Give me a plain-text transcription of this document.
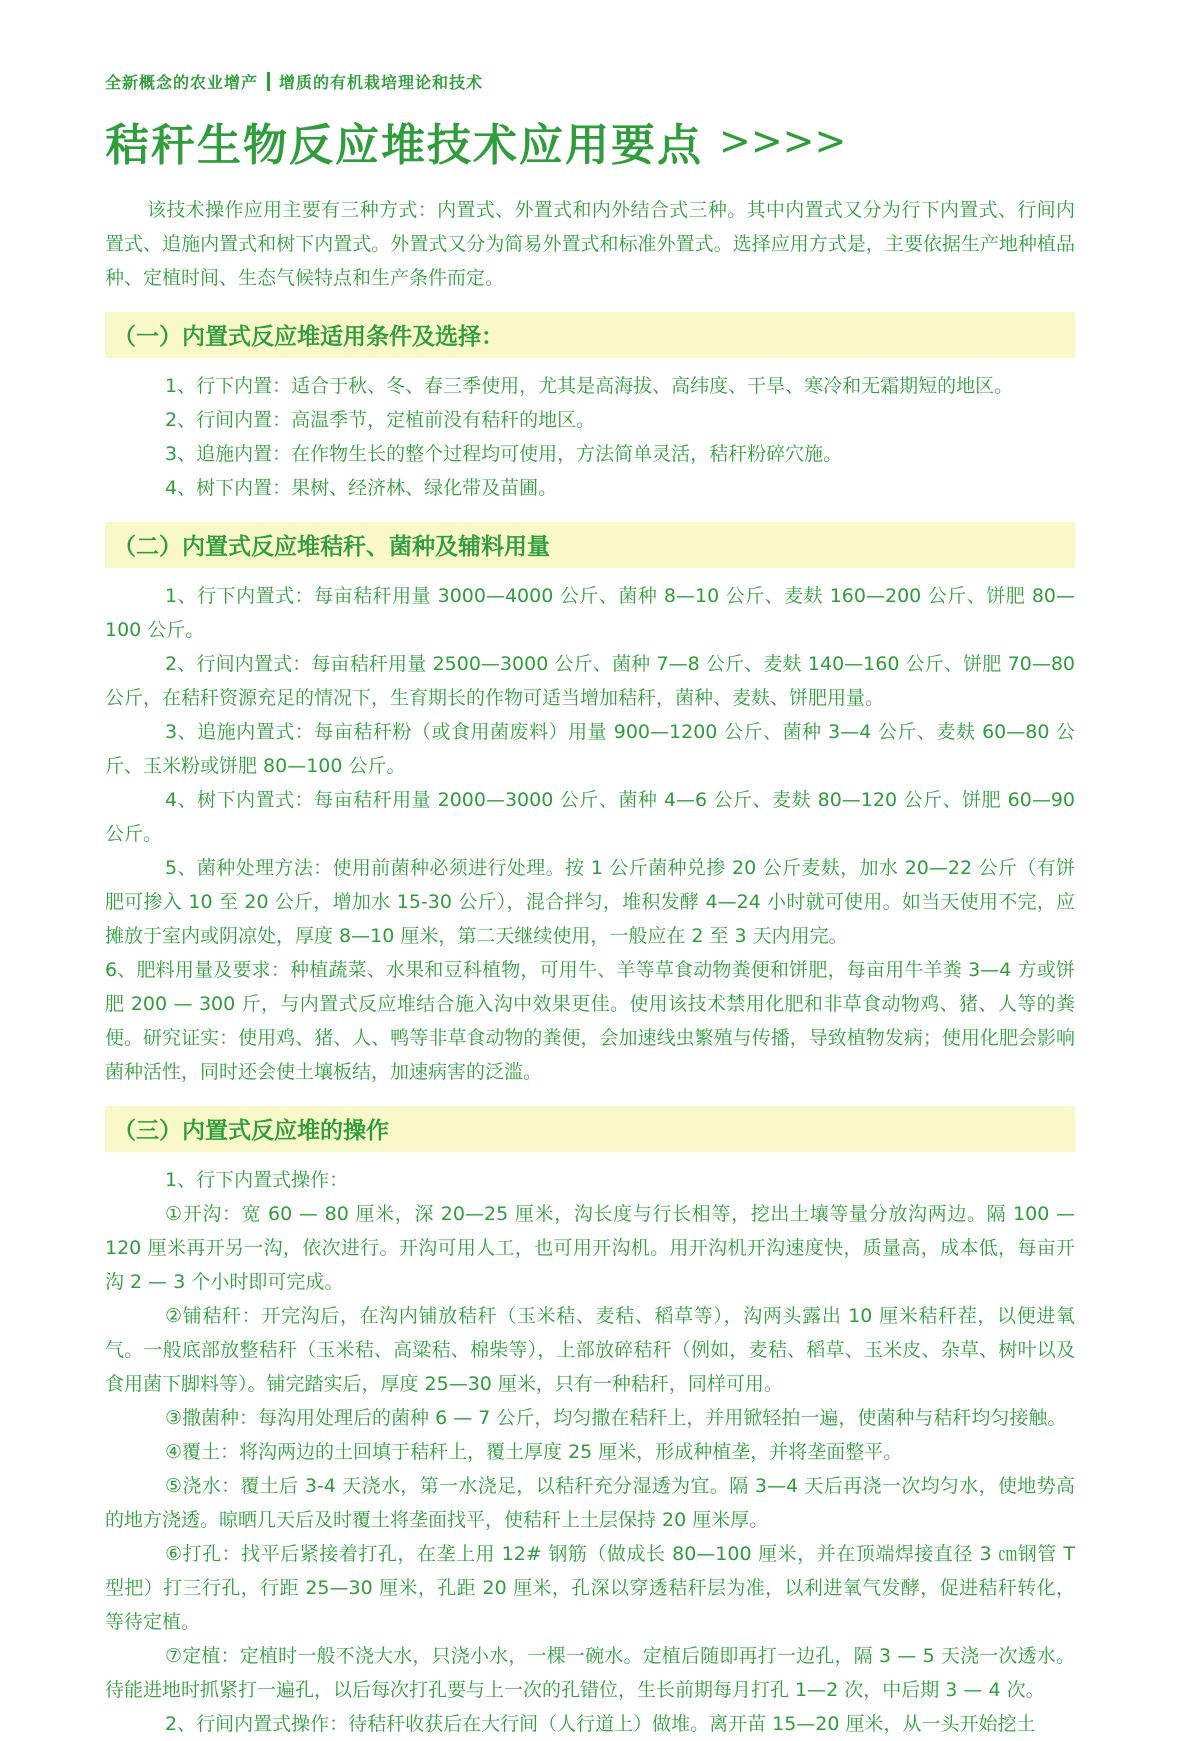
全新概念的农业增产 增质的有机栽培理论和技术
秸秆生物反应堆技术应用要点 >>>>

该技术操作应用主要有三种方式：内置式、外置式和内外结合式三种。其中内置式又分为行下内置式、行间内置式、追施内置式和树下内置式。外置式又分为简易外置式和标准外置式。选择应用方式是，主要依据生产地种植品种、定植时间、生态气候特点和生产条件而定。

（一）内置式反应堆适用条件及选择：

1、行下内置：适合于秋、冬、春三季使用，尤其是高海拔、高纬度、干旱、寒冷和无霜期短的地区。

2、行间内置：高温季节，定植前没有秸秆的地区。

3、追施内置：在作物生长的整个过程均可使用，方法简单灵活，秸秆粉碎穴施。

4、树下内置：果树、经济林、绿化带及苗圃。

（二）内置式反应堆秸秆、菌种及辅料用量

1、行下内置式：每亩秸秆用量 3000—4000 公斤、菌种 8—10 公斤、麦麸 160—200 公斤、饼肥 80—100 公斤。

2、行间内置式：每亩秸秆用量 2500—3000 公斤、菌种 7—8 公斤、麦麸 140—160 公斤、饼肥 70—80 公斤，在秸秆资源充足的情况下，生育期长的作物可适当增加秸秆，菌种、麦麸、饼肥用量。

3、追施内置式：每亩秸秆粉（或食用菌废料）用量 900—1200 公斤、菌种 3—4 公斤、麦麸 60—80 公斤、玉米粉或饼肥 80—100 公斤。

4、树下内置式：每亩秸秆用量 2000—3000 公斤、菌种 4—6 公斤、麦麸 80—120 公斤、饼肥 60—90 公斤。

5、菌种处理方法：使用前菌种必须进行处理。按 1 公斤菌种兑掺 20 公斤麦麸，加水 20—22 公斤（有饼肥可掺入 10 至 20 公斤，增加水 15-30 公斤），混合拌匀，堆积发酵 4—24 小时就可使用。如当天使用不完，应摊放于室内或阴凉处，厚度 8—10 厘米，第二天继续使用，一般应在 2 至 3 天内用完。

6、肥料用量及要求：种植蔬菜、水果和豆科植物，可用牛、羊等草食动物粪便和饼肥，每亩用牛羊粪 3—4 方或饼肥 200 — 300 斤，与内置式反应堆结合施入沟中效果更佳。使用该技术禁用化肥和非草食动物鸡、猪、人等的粪便。研究证实：使用鸡、猪、人、鸭等非草食动物的粪便，会加速线虫繁殖与传播，导致植物发病；使用化肥会影响菌种活性，同时还会使土壤板结，加速病害的泛滥。

（三）内置式反应堆的操作

1、行下内置式操作：

①开沟：宽 60 — 80 厘米，深 20—25 厘米，沟长度与行长相等，挖出土壤等量分放沟两边。隔 100 — 120 厘米再开另一沟，依次进行。开沟可用人工，也可用开沟机。用开沟机开沟速度快，质量高，成本低，每亩开沟 2 — 3 个小时即可完成。

②铺秸秆：开完沟后，在沟内铺放秸秆（玉米秸、麦秸、稻草等），沟两头露出 10 厘米秸秆茬，以便进氧气。一般底部放整秸秆（玉米秸、高粱秸、棉柴等），上部放碎秸秆（例如，麦秸、稻草、玉米皮、杂草、树叶以及食用菌下脚料等）。铺完踏实后，厚度 25—30 厘米，只有一种秸秆，同样可用。

③撒菌种：每沟用处理后的菌种 6 — 7 公斤，均匀撒在秸秆上，并用锨轻拍一遍，使菌种与秸秆均匀接触。

④覆土：将沟两边的土回填于秸秆上，覆土厚度 25 厘米，形成种植垄，并将垄面整平。

⑤浇水：覆土后 3-4 天浇水，第一水浇足，以秸秆充分湿透为宜。隔 3—4 天后再浇一次均匀水，使地势高的地方浇透。晾晒几天后及时覆土将垄面找平，使秸秆上土层保持 20 厘米厚。

⑥打孔：找平后紧接着打孔，在垄上用 12# 钢筋（做成长 80—100 厘米，并在顶端焊接直径 3 ㎝钢管 T 型把）打三行孔，行距 25—30 厘米，孔距 20 厘米，孔深以穿透秸秆层为准，以利进氧气发酵，促进秸秆转化，等待定植。

⑦定植：定植时一般不浇大水，只浇小水，一棵一碗水。定植后随即再打一边孔，隔 3 — 5 天浇一次透水。待能进地时抓紧打一遍孔，以后每次打孔要与上一次的孔错位，生长前期每月打孔 1—2 次，中后期 3 — 4 次。

2、行间内置式操作：待秸秆收获后在大行间（人行道上）做堆。离开苗 15—20 厘米，从一头开始挖土
